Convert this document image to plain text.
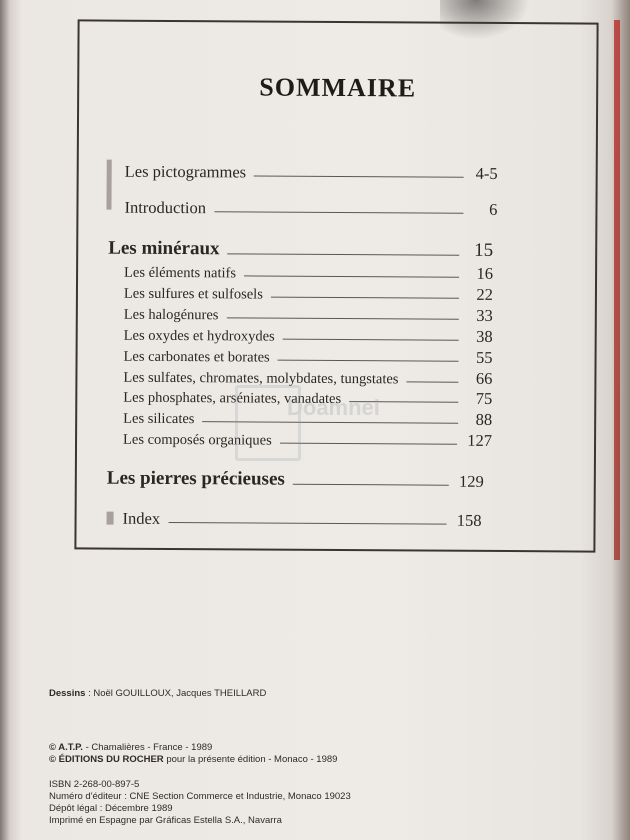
SOMMAIRE
Les pictogrammes	4-5
Introduction	6
Les minéraux	15
Les éléments natifs	16
Les sulfures et sulfosels	22
Les halogénures	33
Les oxydes et hydroxydes	38
Les carbonates et borates	55
Les sulfates, chromates, molybdates, tungstates	66
Les phosphates, arséniates, vanadates	75
Les silicates	88
Les composés organiques	127
Les pierres précieuses	129
Index	158
Doamnei
Dessins : Noël GOUILLOUX, Jacques THEILLARD
© A.T.P. - Chamalières - France - 1989
© ÉDITIONS DU ROCHER pour la présente édition - Monaco - 1989
ISBN 2-268-00-897-5
Numéro d'éditeur : CNE Section Commerce et Industrie, Monaco 19023
Dépôt légal : Décembre 1989
Imprimé en Espagne par Gráficas Estella S.A., Navarra
